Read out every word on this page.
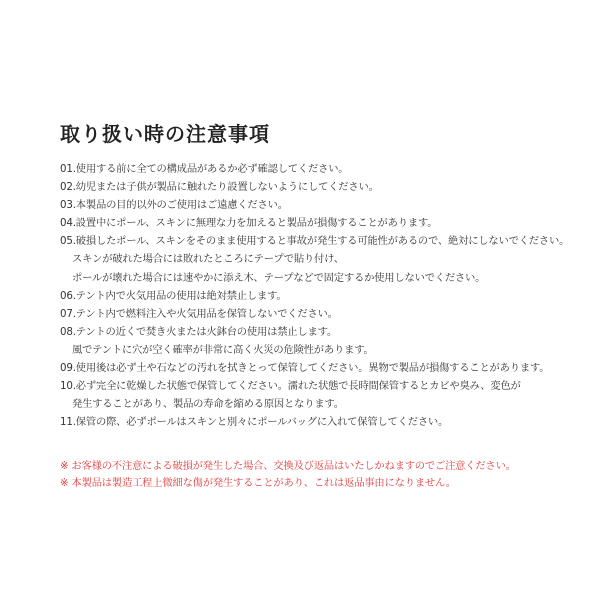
取り扱い時の注意事項
01.使用する前に全ての構成品があるか必ず確認してください。
02.幼児または子供が製品に触れたり設置しないようにしてください。
03.本製品の目的以外のご使用はご遠慮ください。
04.設置中にポール、スキンに無理な力を加えると製品が損傷することがあります。
05.破損したポール、スキンをそのまま使用すると事故が発生する可能性があるので、絶対にしないでください。
スキンが破れた場合には敗れたところにテープで貼り付け、
ポールが壊れた場合には速やかに添え木、テープなどで固定するか使用しないでください。
06.テント内で火気用品の使用は絶対禁止します。
07.テント内で燃料注入や火気用品を保管しないでください。
08.テントの近くで焚き火または火鉢台の使用は禁止します。
風でテントに穴が空く確率が非常に高く火災の危険性があります。
09.使用後は必ず土や石などの汚れを拭きとって保管してください。異物で製品が損傷することがあります。
10.必ず完全に乾燥した状態で保管してください。濡れた状態で長時間保管するとカビや臭み、変色が
発生することがあり、製品の寿命を縮める原因となります。
11.保管の際、必ずポールはスキンと別々にポールバッグに入れて保管してください。
※ お客様の不注意による破損が発生した場合、交換及び返品はいたしかねますのでご注意ください。
※ 本製品は製造工程上微細な傷が発生することがあり、これは返品事由になりません。
